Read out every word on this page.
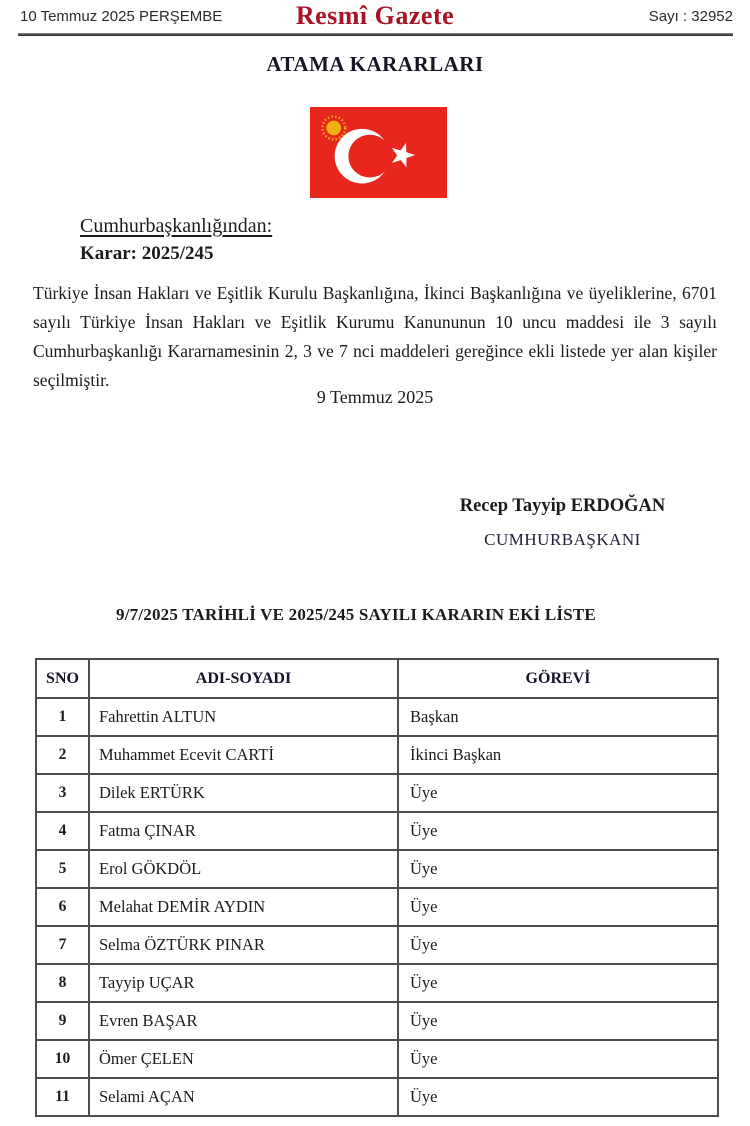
10 Temmuz 2025 PERŞEMBE	Resmî Gazete	Sayı : 32952
ATAMA KARARLARI
Cumhurbaşkanlığından:
Karar: 2025/245

Türkiye İnsan Hakları ve Eşitlik Kurulu Başkanlığına, İkinci Başkanlığına ve üyeliklerine, 6701 sayılı Türkiye İnsan Hakları ve Eşitlik Kurumu Kanununun 10 uncu maddesi ile 3 sayılı Cumhurbaşkanlığı Kararnamesinin 2, 3 ve 7 nci maddeleri gereğince ekli listede yer alan kişiler seçilmiştir.

9 Temmuz 2025
Recep Tayyip ERDOĞAN
CUMHURBAŞKANI
9/7/2025 TARİHLİ VE 2025/245 SAYILI KARARIN EKİ LİSTE
SNO	ADI-SOYADI	GÖREVİ
1	Fahrettin ALTUN	Başkan
2	Muhammet Ecevit CARTİ	İkinci Başkan
3	Dilek ERTÜRK	Üye
4	Fatma ÇINAR	Üye
5	Erol GÖKDÖL	Üye
6	Melahat DEMİR AYDIN	Üye
7	Selma ÖZTÜRK PINAR	Üye
8	Tayyip UÇAR	Üye
9	Evren BAŞAR	Üye
10	Ömer ÇELEN	Üye
11	Selami AÇAN	Üye
